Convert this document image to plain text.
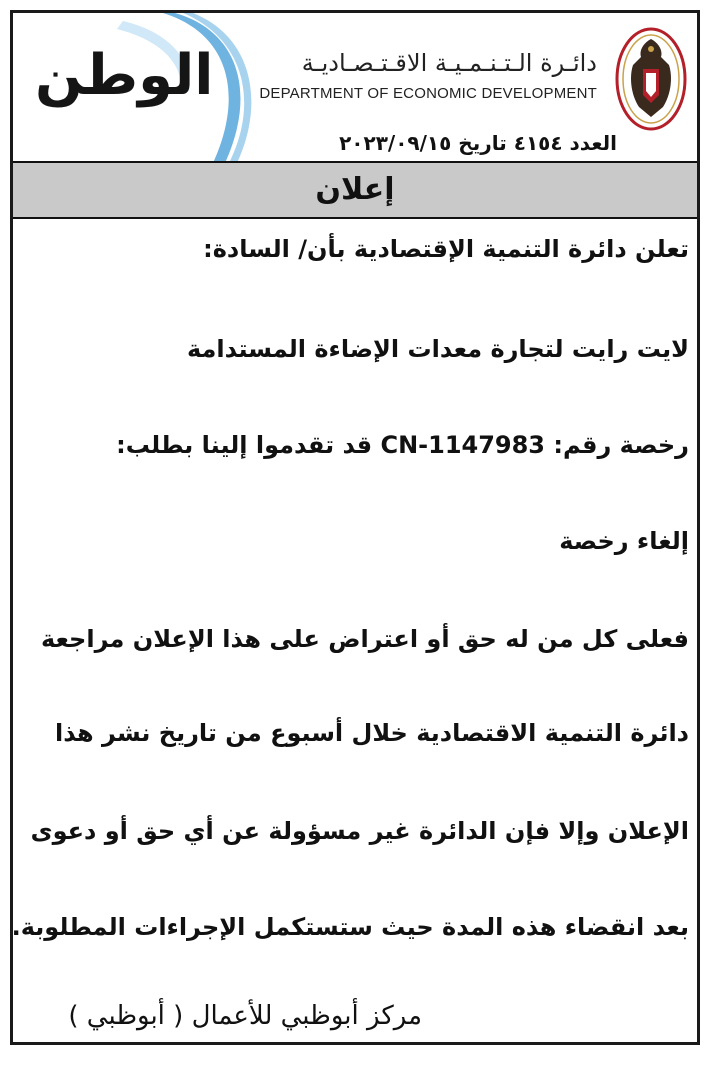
الوطن	دائـرة الـتـنـمـيـة الاقـتـصـاديـة
DEPARTMENT OF ECONOMIC DEVELOPMENT
العدد ٤١٥٤ تاريخ ٢٠٢٣/٠٩/١٥
إعلان
تعلن دائرة التنمية الإقتصادية بأن/ السادة:
لايت رايت لتجارة معدات الإضاءة المستدامة
رخصة رقم: CN-1147983 قد تقدموا إلينا بطلب:
إلغاء رخصة
فعلى كل من له حق أو اعتراض على هذا الإعلان مراجعة
دائرة التنمية الاقتصادية خلال أسبوع من تاريخ نشر هذا
الإعلان وإلا فإن الدائرة غير مسؤولة عن أي حق أو دعوى
بعد انقضاء هذه المدة حيث ستستكمل الإجراءات المطلوبة.
مركز أبوظبي للأعمال ( أبوظبي )
